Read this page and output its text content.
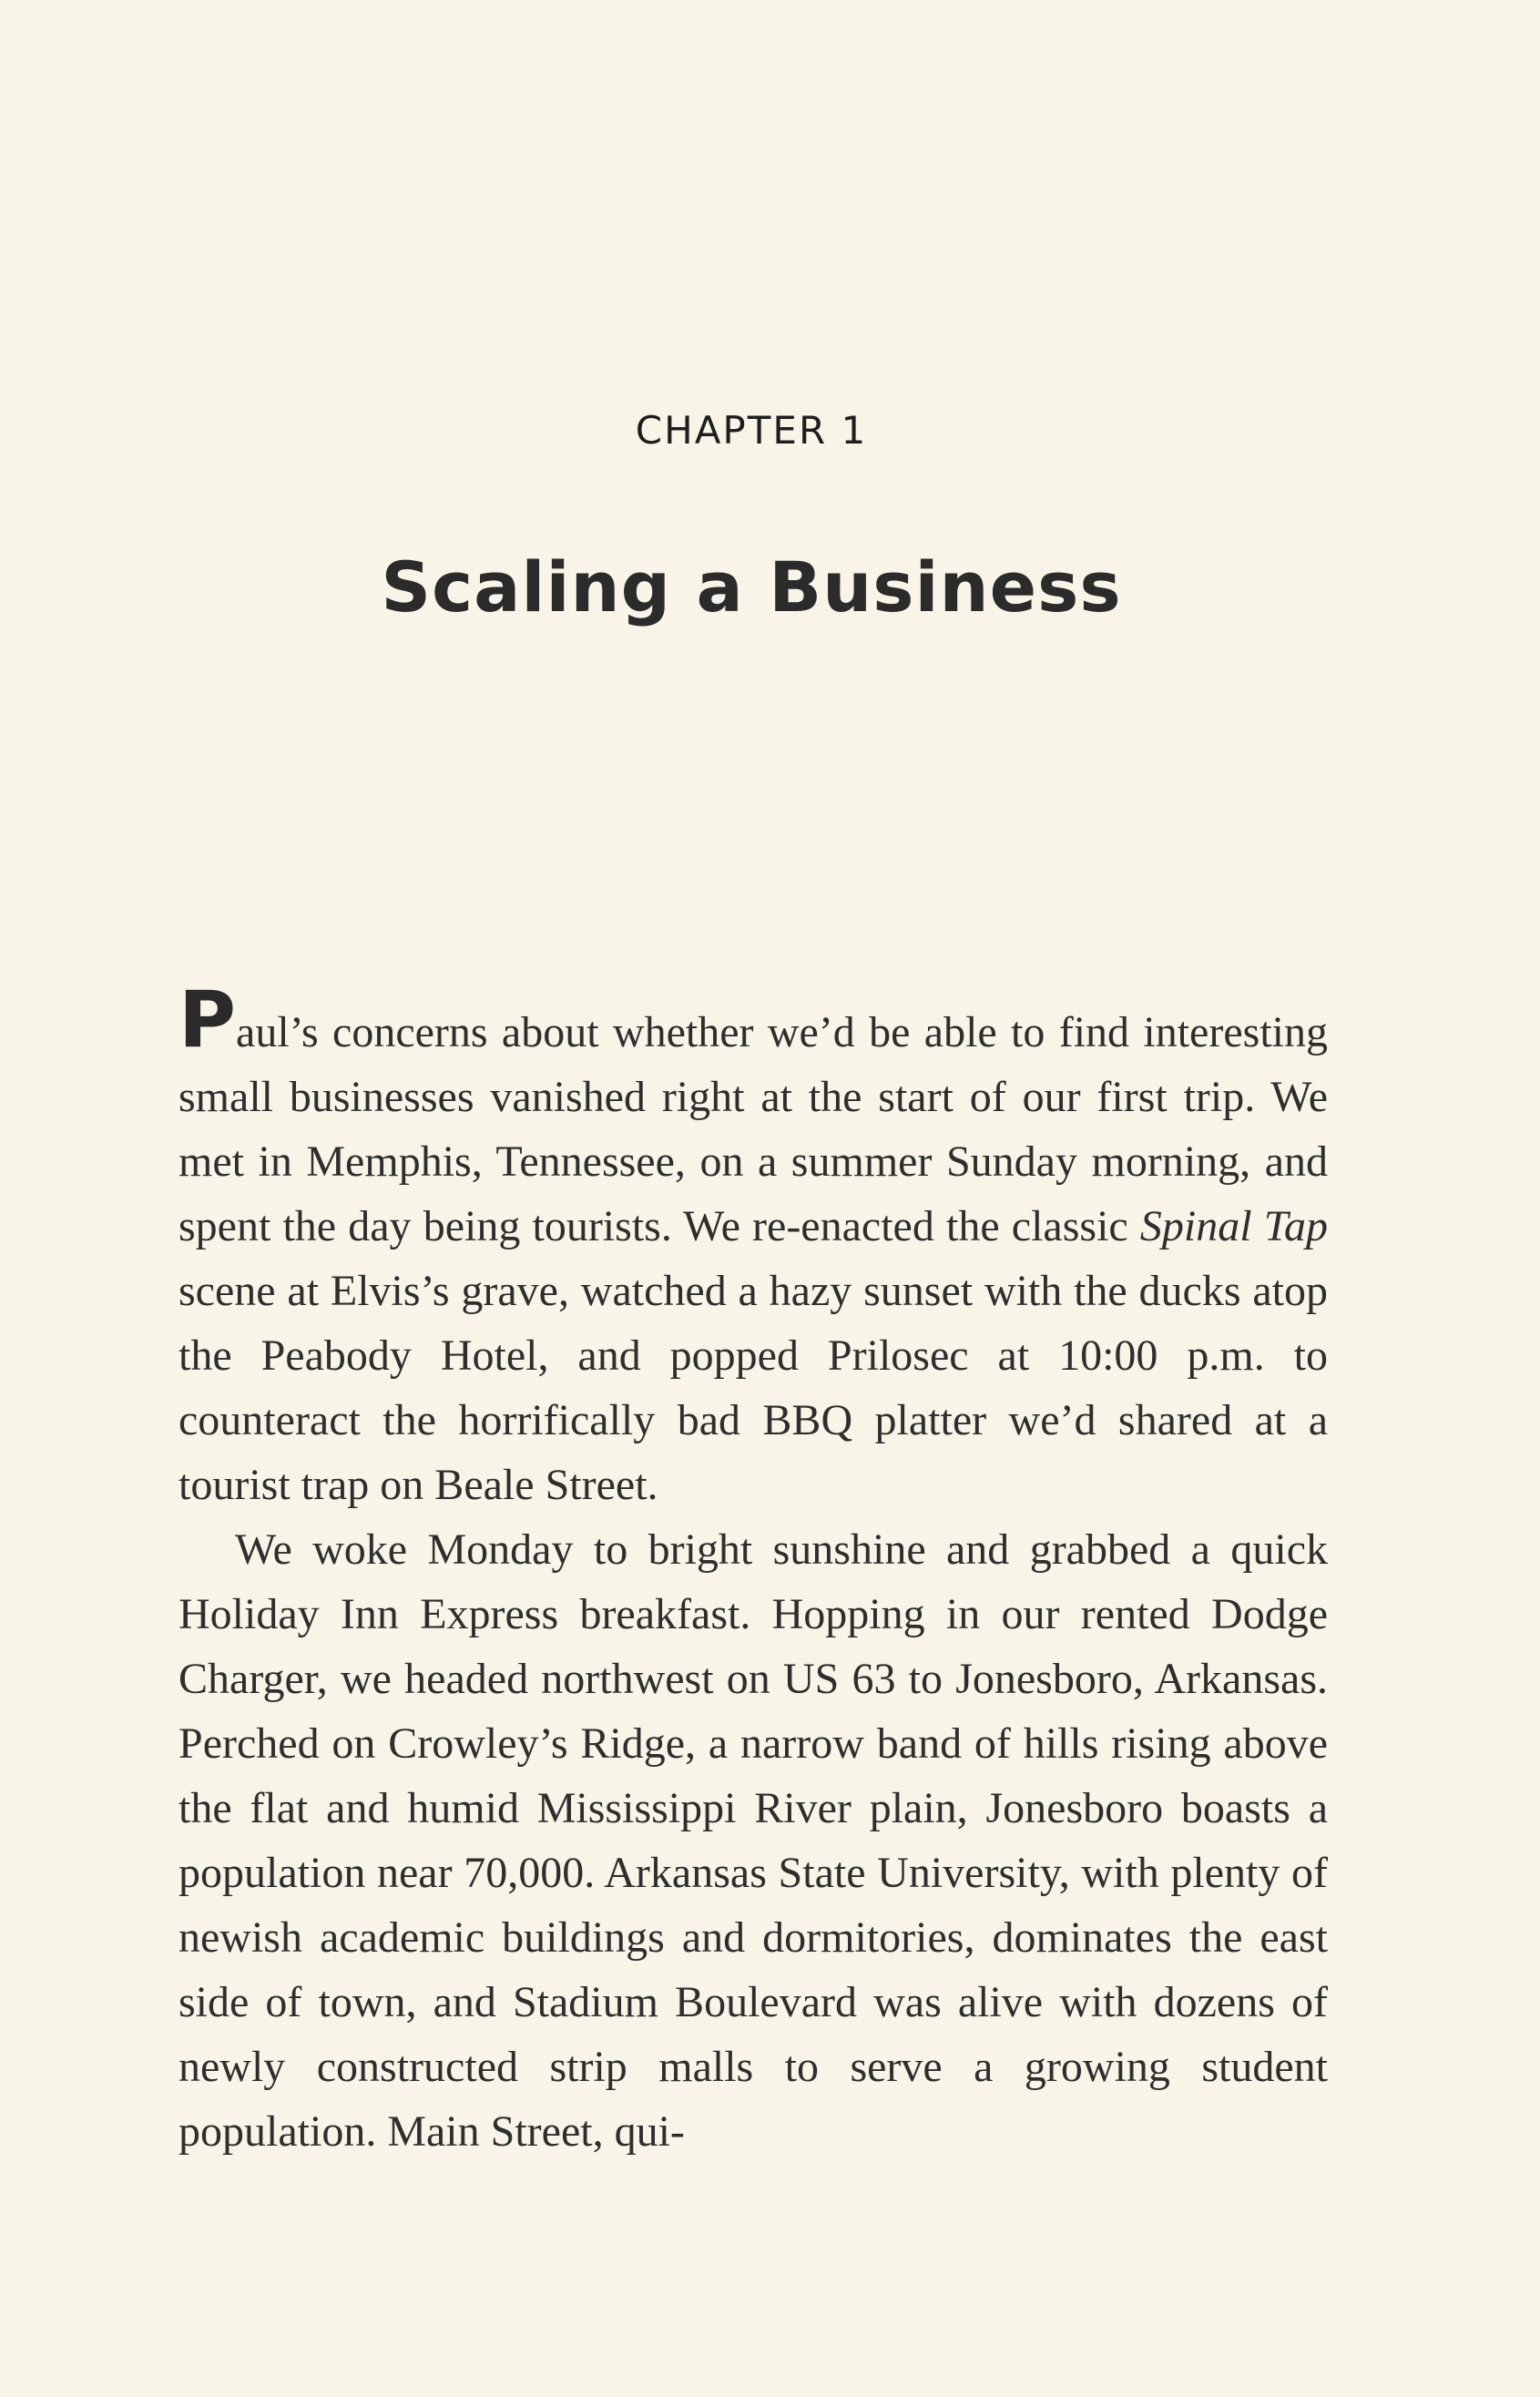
CHAPTER 1
Scaling a Business

Paul’s concerns about whether we’d be able to find interesting small businesses vanished right at the start of our first trip. We met in Memphis, Tennessee, on a summer Sunday morning, and spent the day being tourists. We re-enacted the classic Spinal Tap scene at Elvis’s grave, watched a hazy sunset with the ducks atop the Peabody Hotel, and popped Prilosec at 10:00 p.m. to counteract the horrifically bad BBQ platter we’d shared at a tourist trap on Beale Street.

We woke Monday to bright sunshine and grabbed a quick Holiday Inn Express breakfast. Hopping in our rented Dodge Charger, we headed northwest on US 63 to Jonesboro, Arkansas. Perched on Crowley’s Ridge, a narrow band of hills rising above the flat and humid Mississippi River plain, Jonesboro boasts a population near 70,000. Arkansas State University, with plenty of newish academic buildings and dormitories, dominates the east side of town, and Stadium Boulevard was alive with dozens of newly constructed strip malls to serve a growing student population. Main Street, qui-
